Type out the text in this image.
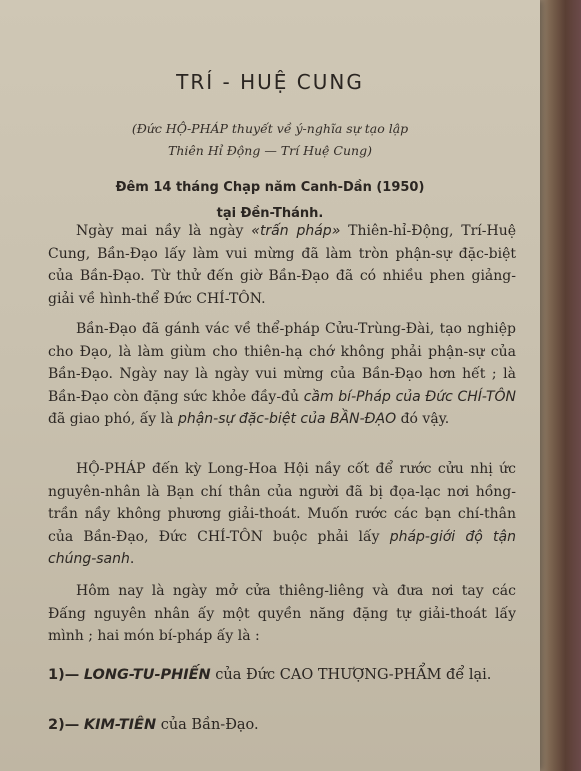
TRÍ - HUỆ CUNG
(Đức HỘ-PHÁP thuyết về ý-nghĩa sự tạo lập
Thiên Hỉ Động — Trí Huệ Cung)
Đêm 14 tháng Chạp năm Canh-Dần (1950)
tại Đền-Thánh.

Ngày mai nầy là ngày «trấn pháp» Thiên-hỉ-Động, Trí-Huệ Cung, Bần-Đạo lấy làm vui mừng đã làm tròn phận-sự đặc-biệt của Bần-Đạo. Từ thử đến giờ Bần-Đạo đã có nhiều phen giảng-giải về hình-thể Đức CHÍ-TÔN.

Bần-Đạo đã gánh vác về thể-pháp Cửu-Trùng-Đài, tạo nghiệp cho Đạo, là làm giùm cho thiên-hạ chớ không phải phận-sự của Bần-Đạo. Ngày nay là ngày vui mừng của Bần-Đạo hơn hết ; là Bần-Đạo còn đặng sức khỏe đầy-đủ cầm bí-Pháp của Đức CHÍ-TÔN đã giao phó, ấy là phận-sự đặc-biệt của BẦN-ĐẠO đó vậy.

HỘ-PHÁP đến kỳ Long-Hoa Hội nầy cốt để rước cửu nhị ức nguyên-nhân là Bạn chí thân của người đã bị đọa-lạc nơi hồng-trần nầy không phương giải-thoát. Muốn rước các bạn chí-thân của Bần-Đạo, Đức CHÍ-TÔN buộc phải lấy pháp-giới độ tận chúng-sanh.

Hôm nay là ngày mở cửa thiêng-liêng và đưa nơi tay các Đấng nguyên nhân ấy một quyền năng đặng tự giải-thoát lấy mình ; hai món bí-pháp ấy là :

1)— LONG-TU-PHIẾN của Đức CAO THƯỢNG-PHẨM để lại.
2)— KIM-TIÊN của Bần-Đạo.
